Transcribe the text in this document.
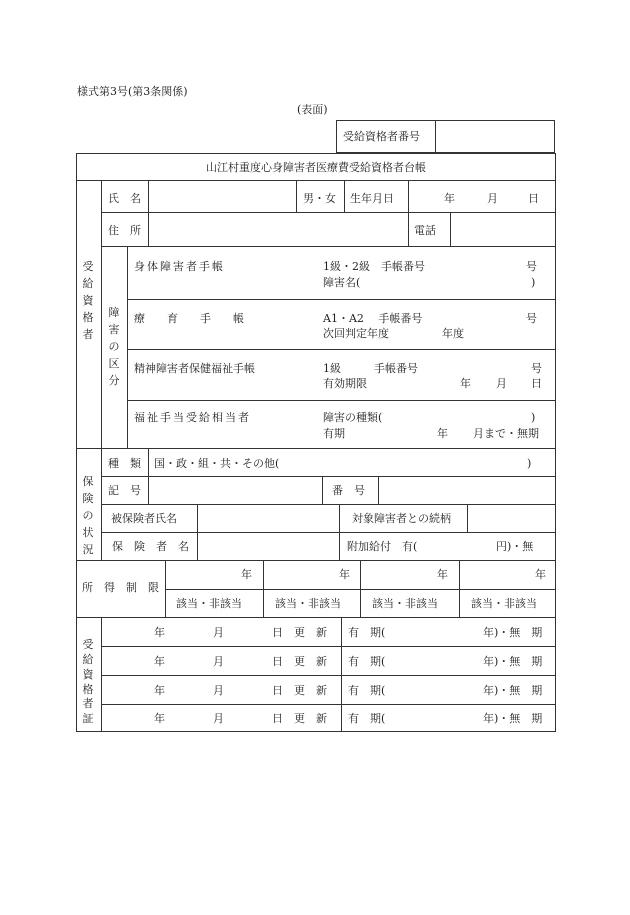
様式第3号(第3条関係)
(表面)
受給資格者番号
山江村重度心身障害者医療費受給資格者台帳
受給資格者
氏　名	男・女 生年月日	年	月	日
住　所	電話
障害の区分
身体障害者手帳	1級・2級　手帳番号	号
障害名(	)
療　　育　　手　　帳	A1・A2　 手帳番号	号
次回判定年度	年度
精神障害者保健福祉手帳	1級　　　手帳番号	号
有効期限	年 月 日
福祉手当受給相当者	障害の種類(	)
有期	年 月まで・無期
保険の状況
種　類 国・政・組・共・その他(	)
記　号	番　号
被保険者氏名	対象障害者との続柄
保　険　者　名	附加給付　有(	円)・無
所　得　制　限
年	年	年	年
該当・非該当	該当・非該当	該当・非該当	該当・非該当
受給資格者証
年	月	日　更　新 有　期(	年)・無　期
年	月	日　更　新 有　期(	年)・無　期
年	月	日　更　新 有　期(	年)・無　期
年	月	日　更　新 有　期(	年)・無　期
